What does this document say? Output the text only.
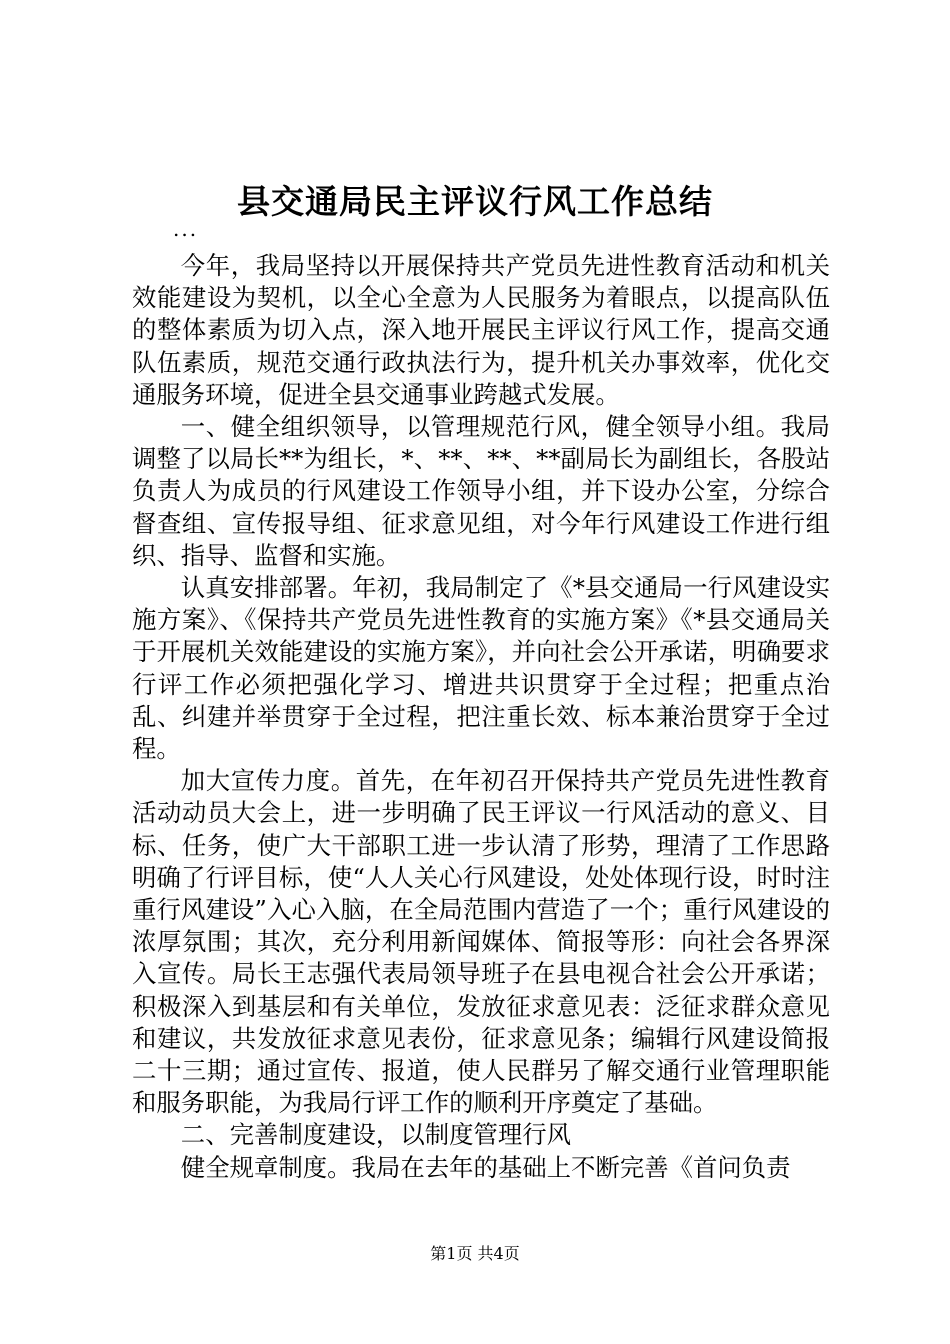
县交通局民主评议行风工作总结
...

今年，我局坚持以开展保持共产党员先进性教育活动和机关效能建设为契机，以全心全意为人民服务为着眼点，以提高队伍的整体素质为切入点，深入地开展民主评议行风工作，提高交通队伍素质，规范交通行政执法行为，提升机关办事效率，优化交通服务环境，促进全县交通事业跨越式发展。

一、健全组织领导，以管理规范行风，健全领导小组。我局调整了以局长**为组长，*、**、**、**副局长为副组长，各股站负责人为成员的行风建设工作领导小组，并下设办公室，分综合督查组、宣传报导组、征求意见组，对今年行风建设工作进行组织、指导、监督和实施。

认真安排部署。年初，我局制定了《*县交通局一行风建设实施方案》、《保持共产党员先进性教育的实施方案》《*县交通局关于开展机关效能建设的实施方案》，并向社会公开承诺，明确要求行评工作必须把强化学习、增进共识贯穿于全过程；把重点治乱、纠建并举贯穿于全过程，把注重长效、标本兼治贯穿于全过程。

加大宣传力度。首先，在年初召开保持共产党员先进性教育活动动员大会上，进一步明确了民王评议一行风活动的意义、目标、任务，使广大干部职工进一步认清了形势，理清了工作思路明确了行评目标，使“人人关心行风建设，处处体现行设，时时注重行风建设”入心入脑，在全局范围内营造了一个；重行风建设的浓厚氛围；其次，充分利用新闻媒体、简报等形：向社会各界深入宣传。局长王志强代表局领导班子在县电视合社会公开承诺；积极深入到基层和有关单位，发放征求意见表：泛征求群众意见和建议，共发放征求意见表份，征求意见条；编辑行风建设简报二十三期；通过宣传、报道，使人民群另了解交通行业管理职能和服务职能，为我局行评工作的顺利开序奠定了基础。

二、完善制度建设，以制度管理行风

健全规章制度。我局在去年的基础上不断完善《首问负责

第1页 共4页
